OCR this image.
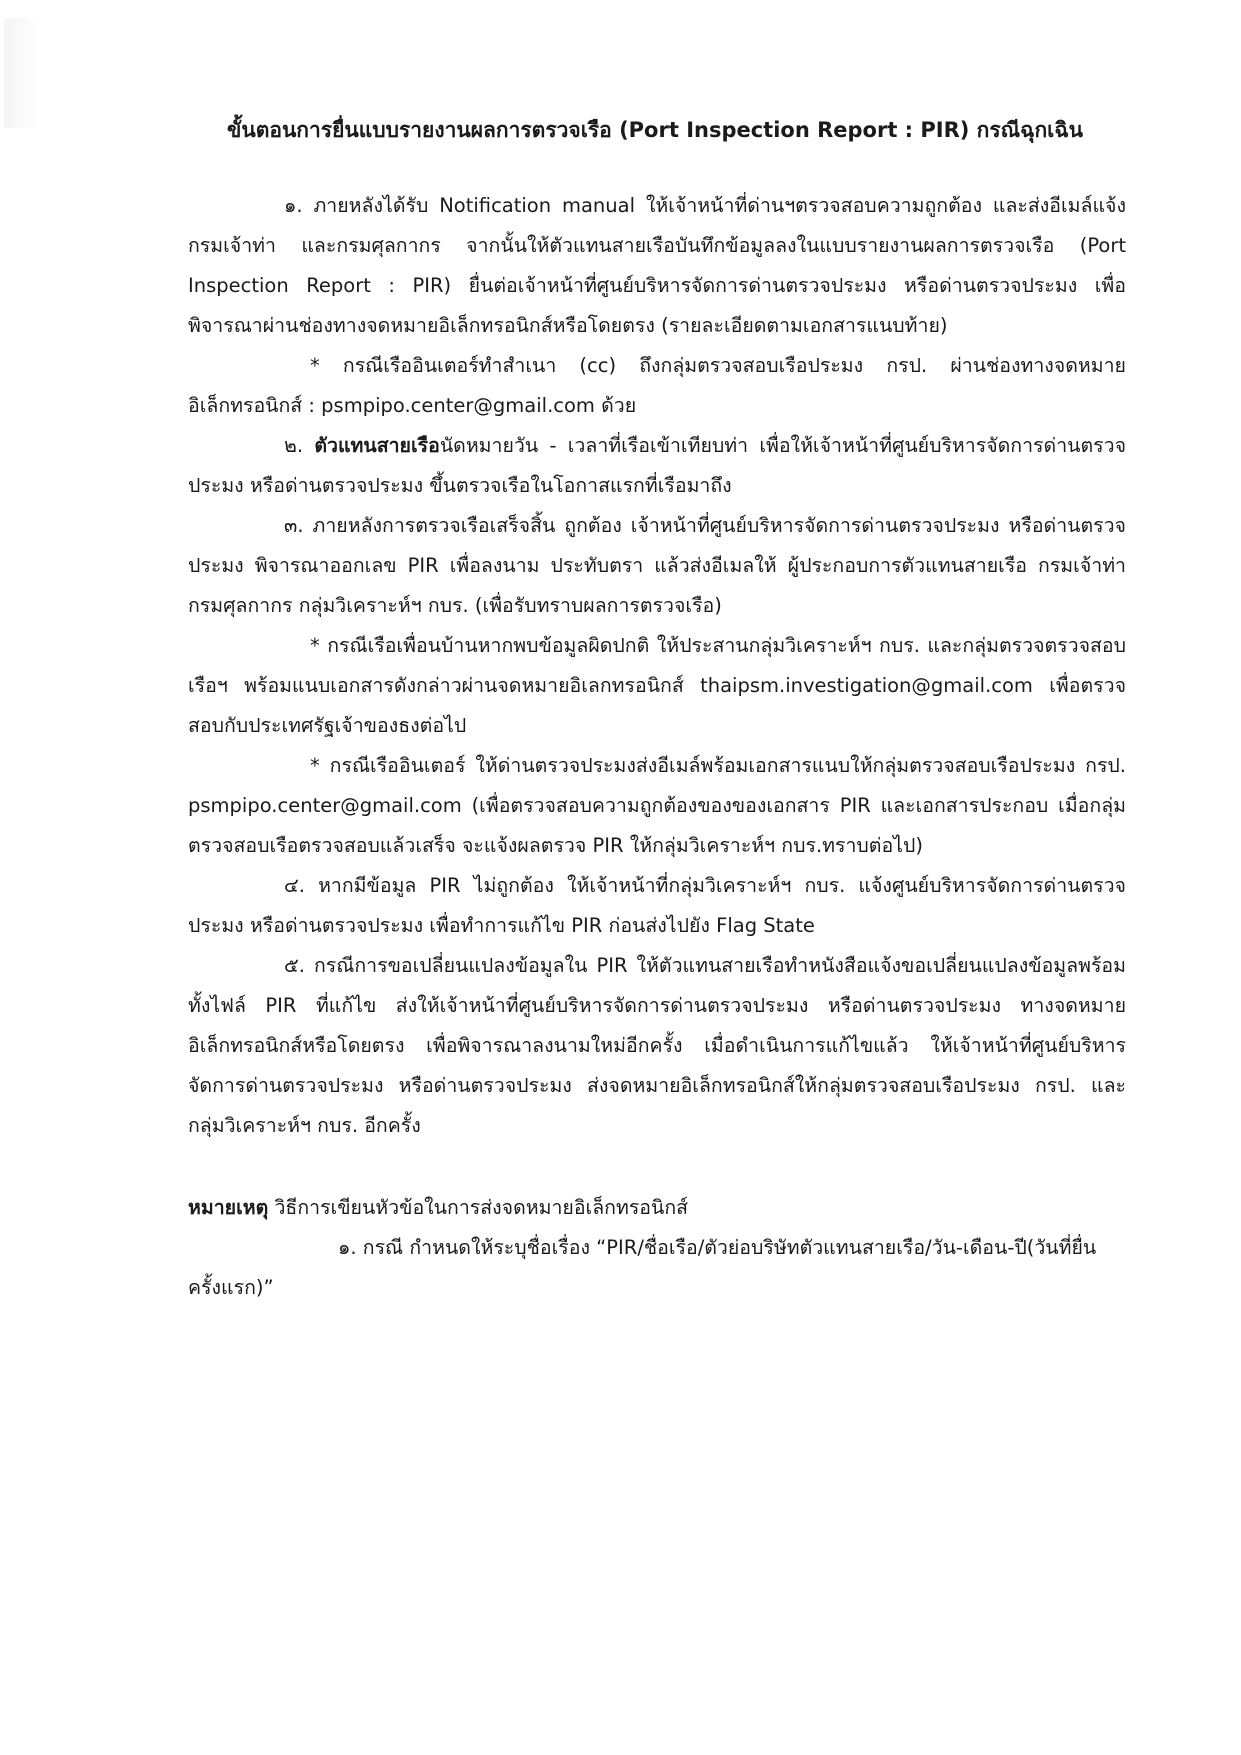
ขั้นตอนการยื่นแบบรายงานผลการตรวจเรือ (Port Inspection Report : PIR) กรณีฉุกเฉิน

๑. ภายหลังได้รับ Notification manual ให้เจ้าหน้าที่ด่านฯตรวจสอบความถูกต้อง และส่งอีเมล์แจ้งกรมเจ้าท่า และกรมศุลกากร จากนั้นให้ตัวแทนสายเรือบันทึกข้อมูลลงในแบบรายงานผลการตรวจเรือ (Port Inspection Report : PIR) ยื่นต่อเจ้าหน้าที่ศูนย์บริหารจัดการด่านตรวจประมง หรือด่านตรวจประมง เพื่อพิจารณาผ่านช่องทางจดหมายอิเล็กทรอนิกส์หรือโดยตรง (รายละเอียดตามเอกสารแนบท้าย)

* กรณีเรืออินเตอร์ทำสำเนา (cc) ถึงกลุ่มตรวจสอบเรือประมง กรป. ผ่านช่องทางจดหมายอิเล็กทรอนิกส์ : psmpipo.center@gmail.com ด้วย

๒. ตัวแทนสายเรือนัดหมายวัน - เวลาที่เรือเข้าเทียบท่า เพื่อให้เจ้าหน้าที่ศูนย์บริหารจัดการด่านตรวจประมง หรือด่านตรวจประมง ขึ้นตรวจเรือในโอกาสแรกที่เรือมาถึง

๓. ภายหลังการตรวจเรือเสร็จสิ้น ถูกต้อง เจ้าหน้าที่ศูนย์บริหารจัดการด่านตรวจประมง หรือด่านตรวจประมง พิจารณาออกเลข PIR เพื่อลงนาม ประทับตรา แล้วส่งอีเมลให้ ผู้ประกอบการตัวแทนสายเรือ กรมเจ้าท่า กรมศุลกากร กลุ่มวิเคราะห์ฯ กบร. (เพื่อรับทราบผลการตรวจเรือ)

* กรณีเรือเพื่อนบ้านหากพบข้อมูลผิดปกติ ให้ประสานกลุ่มวิเคราะห์ฯ กบร. และกลุ่มตรวจตรวจสอบเรือฯ พร้อมแนบเอกสารดังกล่าวผ่านจดหมายอิเลกทรอนิกส์ thaipsm.investigation@gmail.com เพื่อตรวจสอบกับประเทศรัฐเจ้าของธงต่อไป

* กรณีเรืออินเตอร์ ให้ด่านตรวจประมงส่งอีเมล์พร้อมเอกสารแนบให้กลุ่มตรวจสอบเรือประมง กรป. psmpipo.center@gmail.com (เพื่อตรวจสอบความถูกต้องของของเอกสาร PIR และเอกสารประกอบ เมื่อกลุ่มตรวจสอบเรือตรวจสอบแล้วเสร็จ จะแจ้งผลตรวจ PIR ให้กลุ่มวิเคราะห์ฯ กบร.ทราบต่อไป)

๔. หากมีข้อมูล PIR ไม่ถูกต้อง ให้เจ้าหน้าที่กลุ่มวิเคราะห์ฯ กบร. แจ้งศูนย์บริหารจัดการด่านตรวจประมง หรือด่านตรวจประมง เพื่อทำการแก้ไข PIR ก่อนส่งไปยัง Flag State

๕. กรณีการขอเปลี่ยนแปลงข้อมูลใน PIR ให้ตัวแทนสายเรือทำหนังสือแจ้งขอเปลี่ยนแปลงข้อมูลพร้อมทั้งไฟล์ PIR ที่แก้ไข ส่งให้เจ้าหน้าที่ศูนย์บริหารจัดการด่านตรวจประมง หรือด่านตรวจประมง ทางจดหมายอิเล็กทรอนิกส์หรือโดยตรง เพื่อพิจารณาลงนามใหม่อีกครั้ง เมื่อดำเนินการแก้ไขแล้ว ให้เจ้าหน้าที่ศูนย์บริหารจัดการด่านตรวจประมง หรือด่านตรวจประมง ส่งจดหมายอิเล็กทรอนิกส์ให้กลุ่มตรวจสอบเรือประมง กรป. และกลุ่มวิเคราะห์ฯ กบร. อีกครั้ง

หมายเหตุ วิธีการเขียนหัวข้อในการส่งจดหมายอิเล็กทรอนิกส์

๑. กรณี กำหนดให้ระบุชื่อเรื่อง “PIR/ชื่อเรือ/ตัวย่อบริษัทตัวแทนสายเรือ/วัน-เดือน-ปี(วันที่ยื่นครั้งแรก)”
